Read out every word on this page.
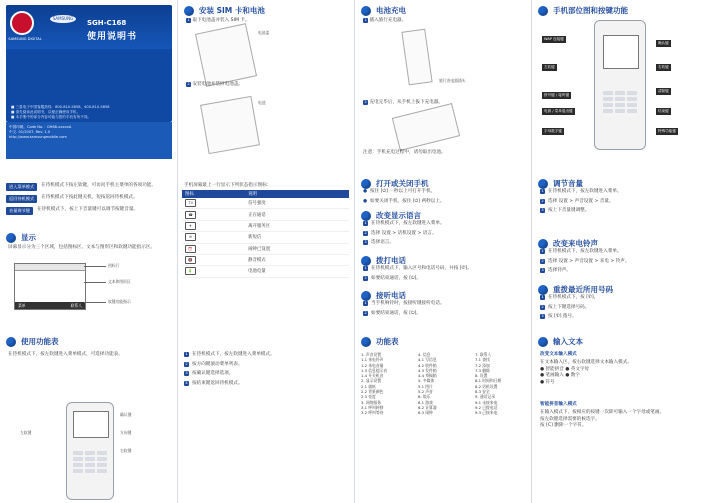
SAMSUNG DIGITAL
SAMSUNG
SGH-C168
使用说明书
■ 三星电子中国客服热线：800-810-5858、400-810-5858
■ 请先阅读此说明书，以便正确使用手机。
■ 本手册中的部分内容可能与您的手机有所不同。
中国印刷。Code No.：GH68-xxxxxA
中文. 01/2007. Rev. 1.0
http://www.samsungmobile.com
进入菜单模式	在待机模式下按左软键，可访问手机主菜单的各项功能。
返回待机模式	在待机模式下按此键关机，短按返回待机模式。
音量调节键	在待机模式下，按上下音量键可以调节按键音量。
显示
屏幕显示分为三个区域，包括图标区、文本与图形区和软键功能指示区。
菜单	联系人
图标行
文本和图形区
软键功能指示
使用功能表
在待机模式下，按左软键进入菜单模式，可选择功能表。
左软键
确认键
方向键
右软键
安装 SIM 卡和电池
1 取下电池盖并装入 SIM 卡。
电池盖
2 安装电池并装回电池盖。
电池
手机屏幕最上一行显示下列状态指示图标：
图标	说明
Tll	信号强度
☎	正在通话
✈	离开服务区
✉	新短信
⏰	闹钟已设置
🔇	静音模式
🔋	电池电量
1 在待机模式下，按左软键进入菜单模式。
2 按方向键滚动菜单列表。
3 按确认键选择选项。
4 按结束键返回待机模式。
电池充电
1 插入旅行充电器。
旅行充电器插头
2 充电完毕后，从手机上拔下充电器。
注意：手机充电过程中，请勿取出电池。
打开或关闭手机
● 按住 [⏻] 一秒以上可打开手机。
● 如要关闭手机，按住 [⏻] 两秒以上。
改变显示语言
1 在待机模式下，按左软键进入菜单。
2 选择 设置 > 话机设置 > 语言。
3 选择语言。
拨打电话
1 在待机模式下，输入区号和电话号码，并按 [✆]。
2 如要结束通话，按 [⏻]。
接听电话
1 当手机响铃时，按接听键接听电话。
2 如要结束通话，按 [⏻]。
功能表
1. 声音设置
1.1 来电铃声
1.2 来电音量
1.3 信息提示音
1.4 开关机音
2. 显示设置
2.1 墙纸
2.2 背景颜色
2.3 亮度
3. 网络服务
3.1 呼叫转移
3.2 呼叫等待
4. 信息
4.1 写信息
4.2 收件箱
4.3 发件箱
4.4 草稿箱
5. 多媒体
5.1 图片
5.2 声音
6. 娱乐
6.1 游戏
6.2 计算器
6.3 闹钟
7. 联系人
7.1 查找
7.2 添加
7.3 删除
8. 设置
8.1 时间和日期
8.2 话机设置
8.3 安全
9. 通话记录
9.1 未接来电
9.2 已拨电话
9.3 已接来电
手机部位图和按键功能
WAP 连接键
左软键
拨号键 / 接听键
电源 / 菜单退出键
字母数字键
确认键
右软键
清除键
结束键
特殊功能键
调节音量
1 在待机模式下，按左软键进入菜单。
2 选择 设置 > 声音设置 > 音量。
3 按上下音量键调整。
改变来电铃声
1 在待机模式下，按左软键进入菜单。
2 选择 设置 > 声音设置 > 来电 > 铃声。
3 选择铃声。
重拨最近所用号码
1 在待机模式下，按 [✆]。
2 按上下键选择号码。
3 按 [✆] 拨号。
输入文本
改变文本输入模式
在文本输入区，按右软键选择文本输入模式。
● 智能拼音 ● 英文字母
● 笔画输入 ● 数字
● 符号
智能拼音输入模式
在输入模式下，按相应的按键一次即可输入一个字母或笔画。
按左软键选择需要的候选字。
按 [C] 删除一个字符。
